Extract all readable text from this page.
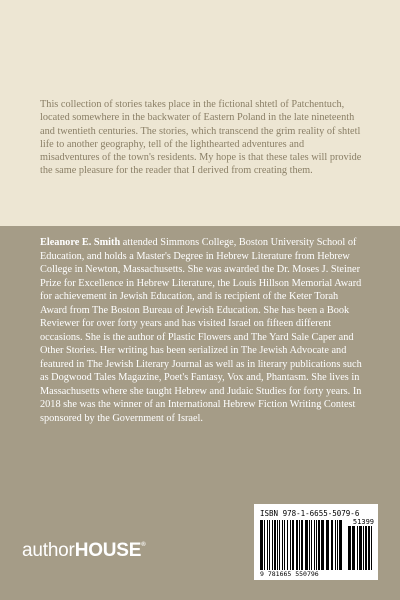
This collection of stories takes place in the fictional shtetl of Patchentuch, located somewhere in the backwater of Eastern Poland in the late nineteenth and twentieth centuries. The stories, which transcend the grim reality of shtetl life to another geography, tell of the lighthearted adventures and misadventures of the town's residents. My hope is that these tales will provide the same pleasure for the reader that I derived from creating them.

Eleanore E. Smith attended Simmons College, Boston University School of Education, and holds a Master's Degree in Hebrew Literature from Hebrew College in Newton, Massachusetts. She was awarded the Dr. Moses J. Steiner Prize for Excellence in Hebrew Literature, the Louis Hillson Memorial Award for achievement in Jewish Education, and is recipient of the Keter Torah Award from The Boston Bureau of Jewish Education. She has been a Book Reviewer for over forty years and has visited Israel on fifteen different occasions. She is the author of Plastic Flowers and The Yard Sale Caper and Other Stories. Her writing has been serialized in The Jewish Advocate and featured in The Jewish Literary Journal as well as in literary publications such as Dogwood Tales Magazine, Poet's Fantasy, Vox and, Phantasm. She lives in Massachusetts where she taught Hebrew and Judaic Studies for forty years. In 2018 she was the winner of an International Hebrew Fiction Writing Contest sponsored by the Government of Israel.

authorHOUSE®
ISBN 978-1-6655-5079-6
51399
9 781665 550796
